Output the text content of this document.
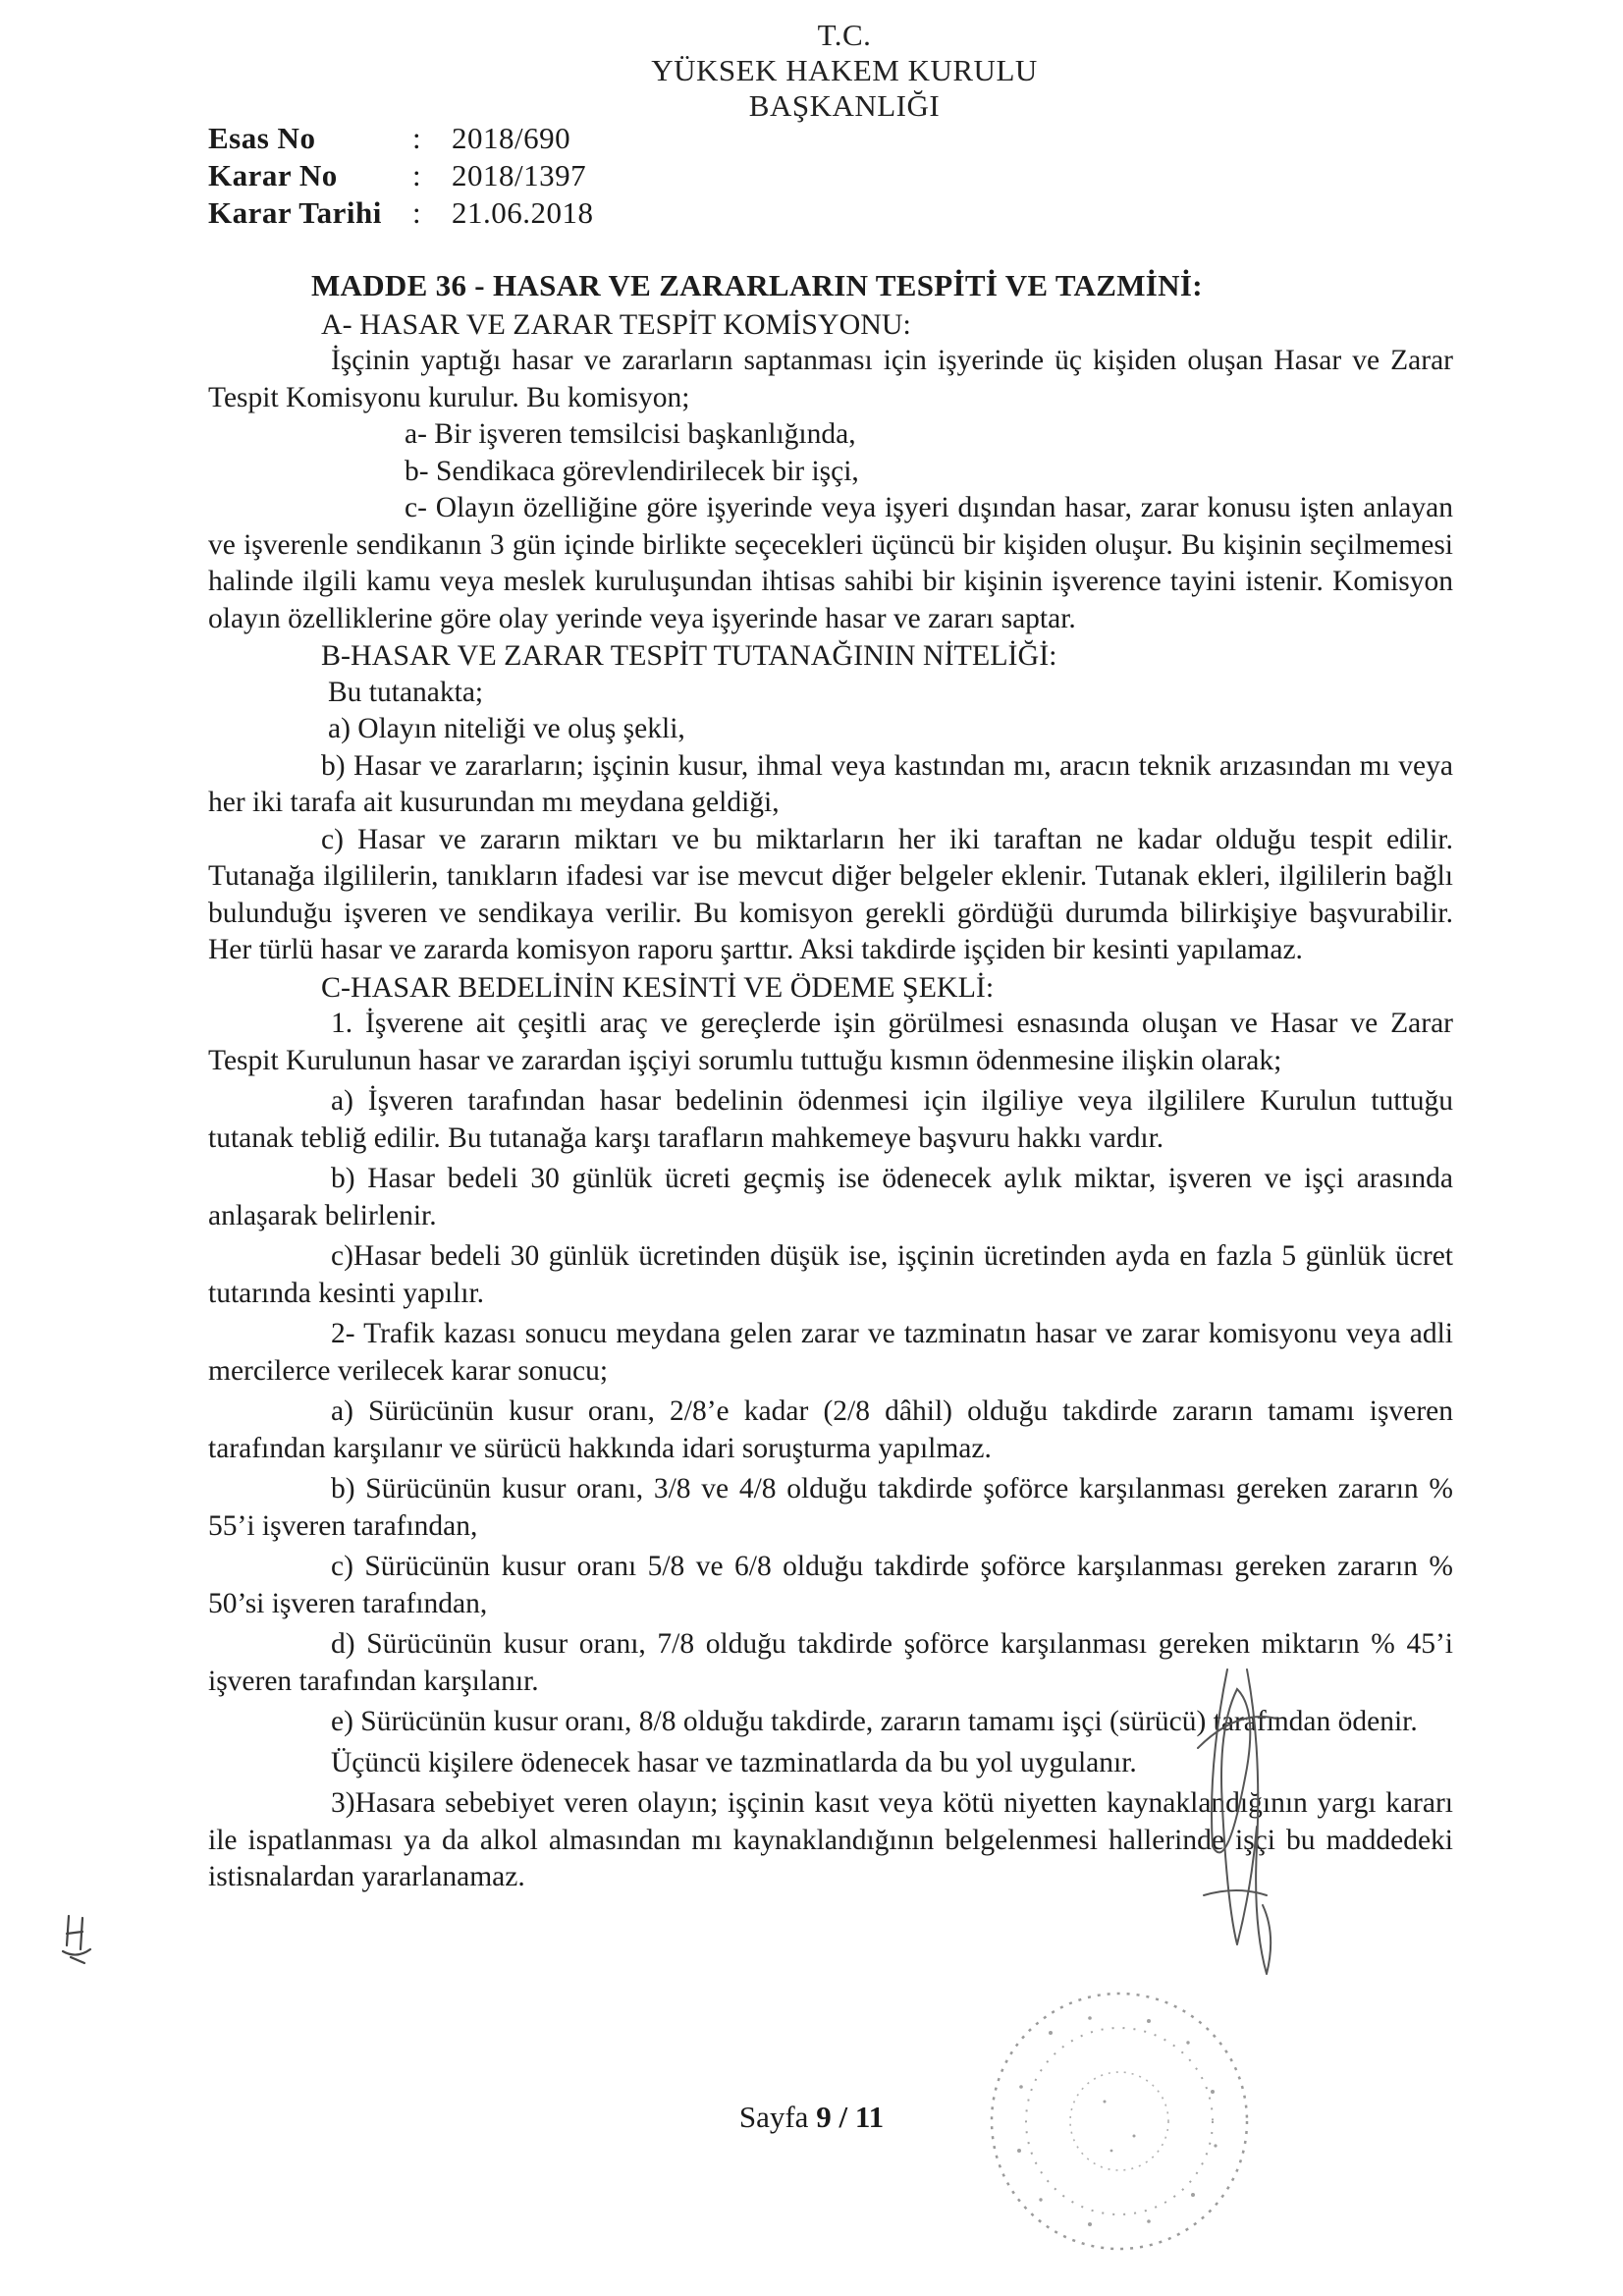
T.C.
YÜKSEK HAKEM KURULU
BAŞKANLIĞI
Esas No	:	2018/690
Karar No	:	2018/1397
Karar Tarihi	:	21.06.2018

MADDE 36 - HASAR VE ZARARLARIN TESPİTİ VE TAZMİNİ:

A- HASAR VE ZARAR TESPİT KOMİSYONU:

İşçinin yaptığı hasar ve zararların saptanması için işyerinde üç kişiden oluşan Hasar ve Zarar Tespit Komisyonu kurulur. Bu komisyon;

a- Bir işveren temsilcisi başkanlığında,

b- Sendikaca görevlendirilecek bir işçi,

c- Olayın özelliğine göre işyerinde veya işyeri dışından hasar, zarar konusu işten anlayan ve işverenle sendikanın 3 gün içinde birlikte seçecekleri üçüncü bir kişiden oluşur. Bu kişinin seçilmemesi halinde ilgili kamu veya meslek kuruluşundan ihtisas sahibi bir kişinin işverence tayini istenir. Komisyon olayın özelliklerine göre olay yerinde veya işyerinde hasar ve zararı saptar.

B-HASAR VE ZARAR TESPİT TUTANAĞININ NİTELİĞİ:

Bu tutanakta;

a) Olayın niteliği ve oluş şekli,

b) Hasar ve zararların; işçinin kusur, ihmal veya kastından mı, aracın teknik arızasından mı veya her iki tarafa ait kusurundan mı meydana geldiği,

c) Hasar ve zararın miktarı ve bu miktarların her iki taraftan ne kadar olduğu tespit edilir. Tutanağa ilgililerin, tanıkların ifadesi var ise mevcut diğer belgeler eklenir. Tutanak ekleri, ilgililerin bağlı bulunduğu işveren ve sendikaya verilir. Bu komisyon gerekli gördüğü durumda bilirkişiye başvurabilir. Her türlü hasar ve zararda komisyon raporu şarttır. Aksi takdirde işçiden bir kesinti yapılamaz.

C-HASAR BEDELİNİN KESİNTİ VE ÖDEME ŞEKLİ:

1. İşverene ait çeşitli araç ve gereçlerde işin görülmesi esnasında oluşan ve Hasar ve Zarar Tespit Kurulunun hasar ve zarardan işçiyi sorumlu tuttuğu kısmın ödenmesine ilişkin olarak;

a) İşveren tarafından hasar bedelinin ödenmesi için ilgiliye veya ilgililere Kurulun tuttuğu tutanak tebliğ edilir. Bu tutanağa karşı tarafların mahkemeye başvuru hakkı vardır.

b) Hasar bedeli 30 günlük ücreti geçmiş ise ödenecek aylık miktar, işveren ve işçi arasında anlaşarak belirlenir.

c)Hasar bedeli 30 günlük ücretinden düşük ise, işçinin ücretinden ayda en fazla 5 günlük ücret tutarında kesinti yapılır.

2- Trafik kazası sonucu meydana gelen zarar ve tazminatın hasar ve zarar komisyonu veya adli mercilerce verilecek karar sonucu;

a) Sürücünün kusur oranı, 2/8’e kadar (2/8 dâhil) olduğu takdirde zararın tamamı işveren tarafından karşılanır ve sürücü hakkında idari soruşturma yapılmaz.

b) Sürücünün kusur oranı, 3/8 ve 4/8 olduğu takdirde şoförce karşılanması gereken zararın % 55’i işveren tarafından,

c) Sürücünün kusur oranı 5/8 ve 6/8 olduğu takdirde şoförce karşılanması gereken zararın % 50’si işveren tarafından,

d) Sürücünün kusur oranı, 7/8 olduğu takdirde şoförce karşılanması gereken miktarın % 45’i işveren tarafından karşılanır.

e) Sürücünün kusur oranı, 8/8 olduğu takdirde, zararın tamamı işçi (sürücü) tarafından ödenir.

Üçüncü kişilere ödenecek hasar ve tazminatlarda da bu yol uygulanır.

3)Hasara sebebiyet veren olayın; işçinin kasıt veya kötü niyetten kaynaklandığının yargı kararı ile ispatlanması ya da alkol almasından mı kaynaklandığının belgelenmesi hallerinde işçi bu maddedeki istisnalardan yararlanamaz.

Sayfa 9 / 11
